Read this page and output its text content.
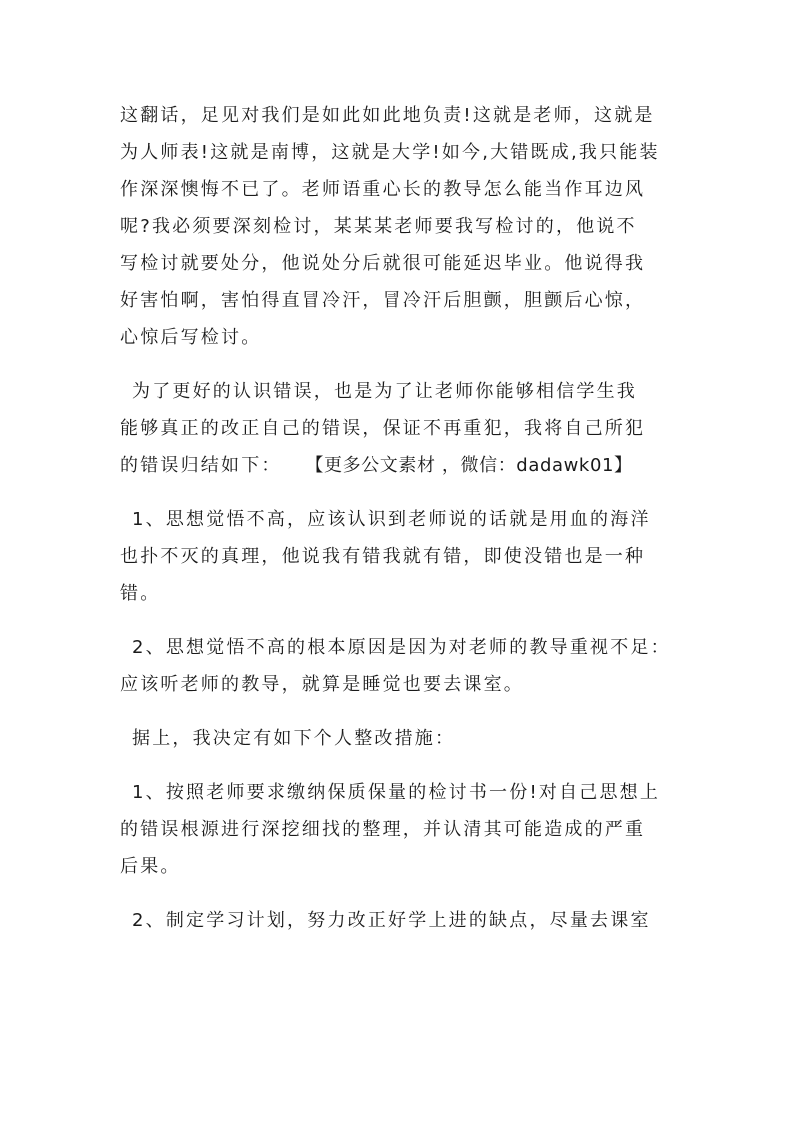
这翻话，足见对我们是如此如此地负责!这就是老师，这就是
为人师表!这就是南博，这就是大学!如今,大错既成,我只能装
作深深懊悔不已了。老师语重心长的教导怎么能当作耳边风
呢?我必须要深刻检讨，某某某老师要我写检讨的，他说不
写检讨就要处分，他说处分后就很可能延迟毕业。他说得我
好害怕啊，害怕得直冒冷汗，冒冷汗后胆颤，胆颤后心惊，
心惊后写检讨。
为了更好的认识错误，也是为了让老师你能够相信学生我
能够真正的改正自己的错误，保证不再重犯，我将自己所犯
的错误归结如下： 【更多公文素材 ，微信：dadawk01】
1、思想觉悟不高，应该认识到老师说的话就是用血的海洋
也扑不灭的真理，他说我有错我就有错，即使没错也是一种
错。
2、思想觉悟不高的根本原因是因为对老师的教导重视不足：
应该听老师的教导，就算是睡觉也要去课室。
据上，我决定有如下个人整改措施：
1、按照老师要求缴纳保质保量的检讨书一份!对自己思想上
的错误根源进行深挖细找的整理，并认清其可能造成的严重
后果。
2、制定学习计划，努力改正好学上进的缺点，尽量去课室
